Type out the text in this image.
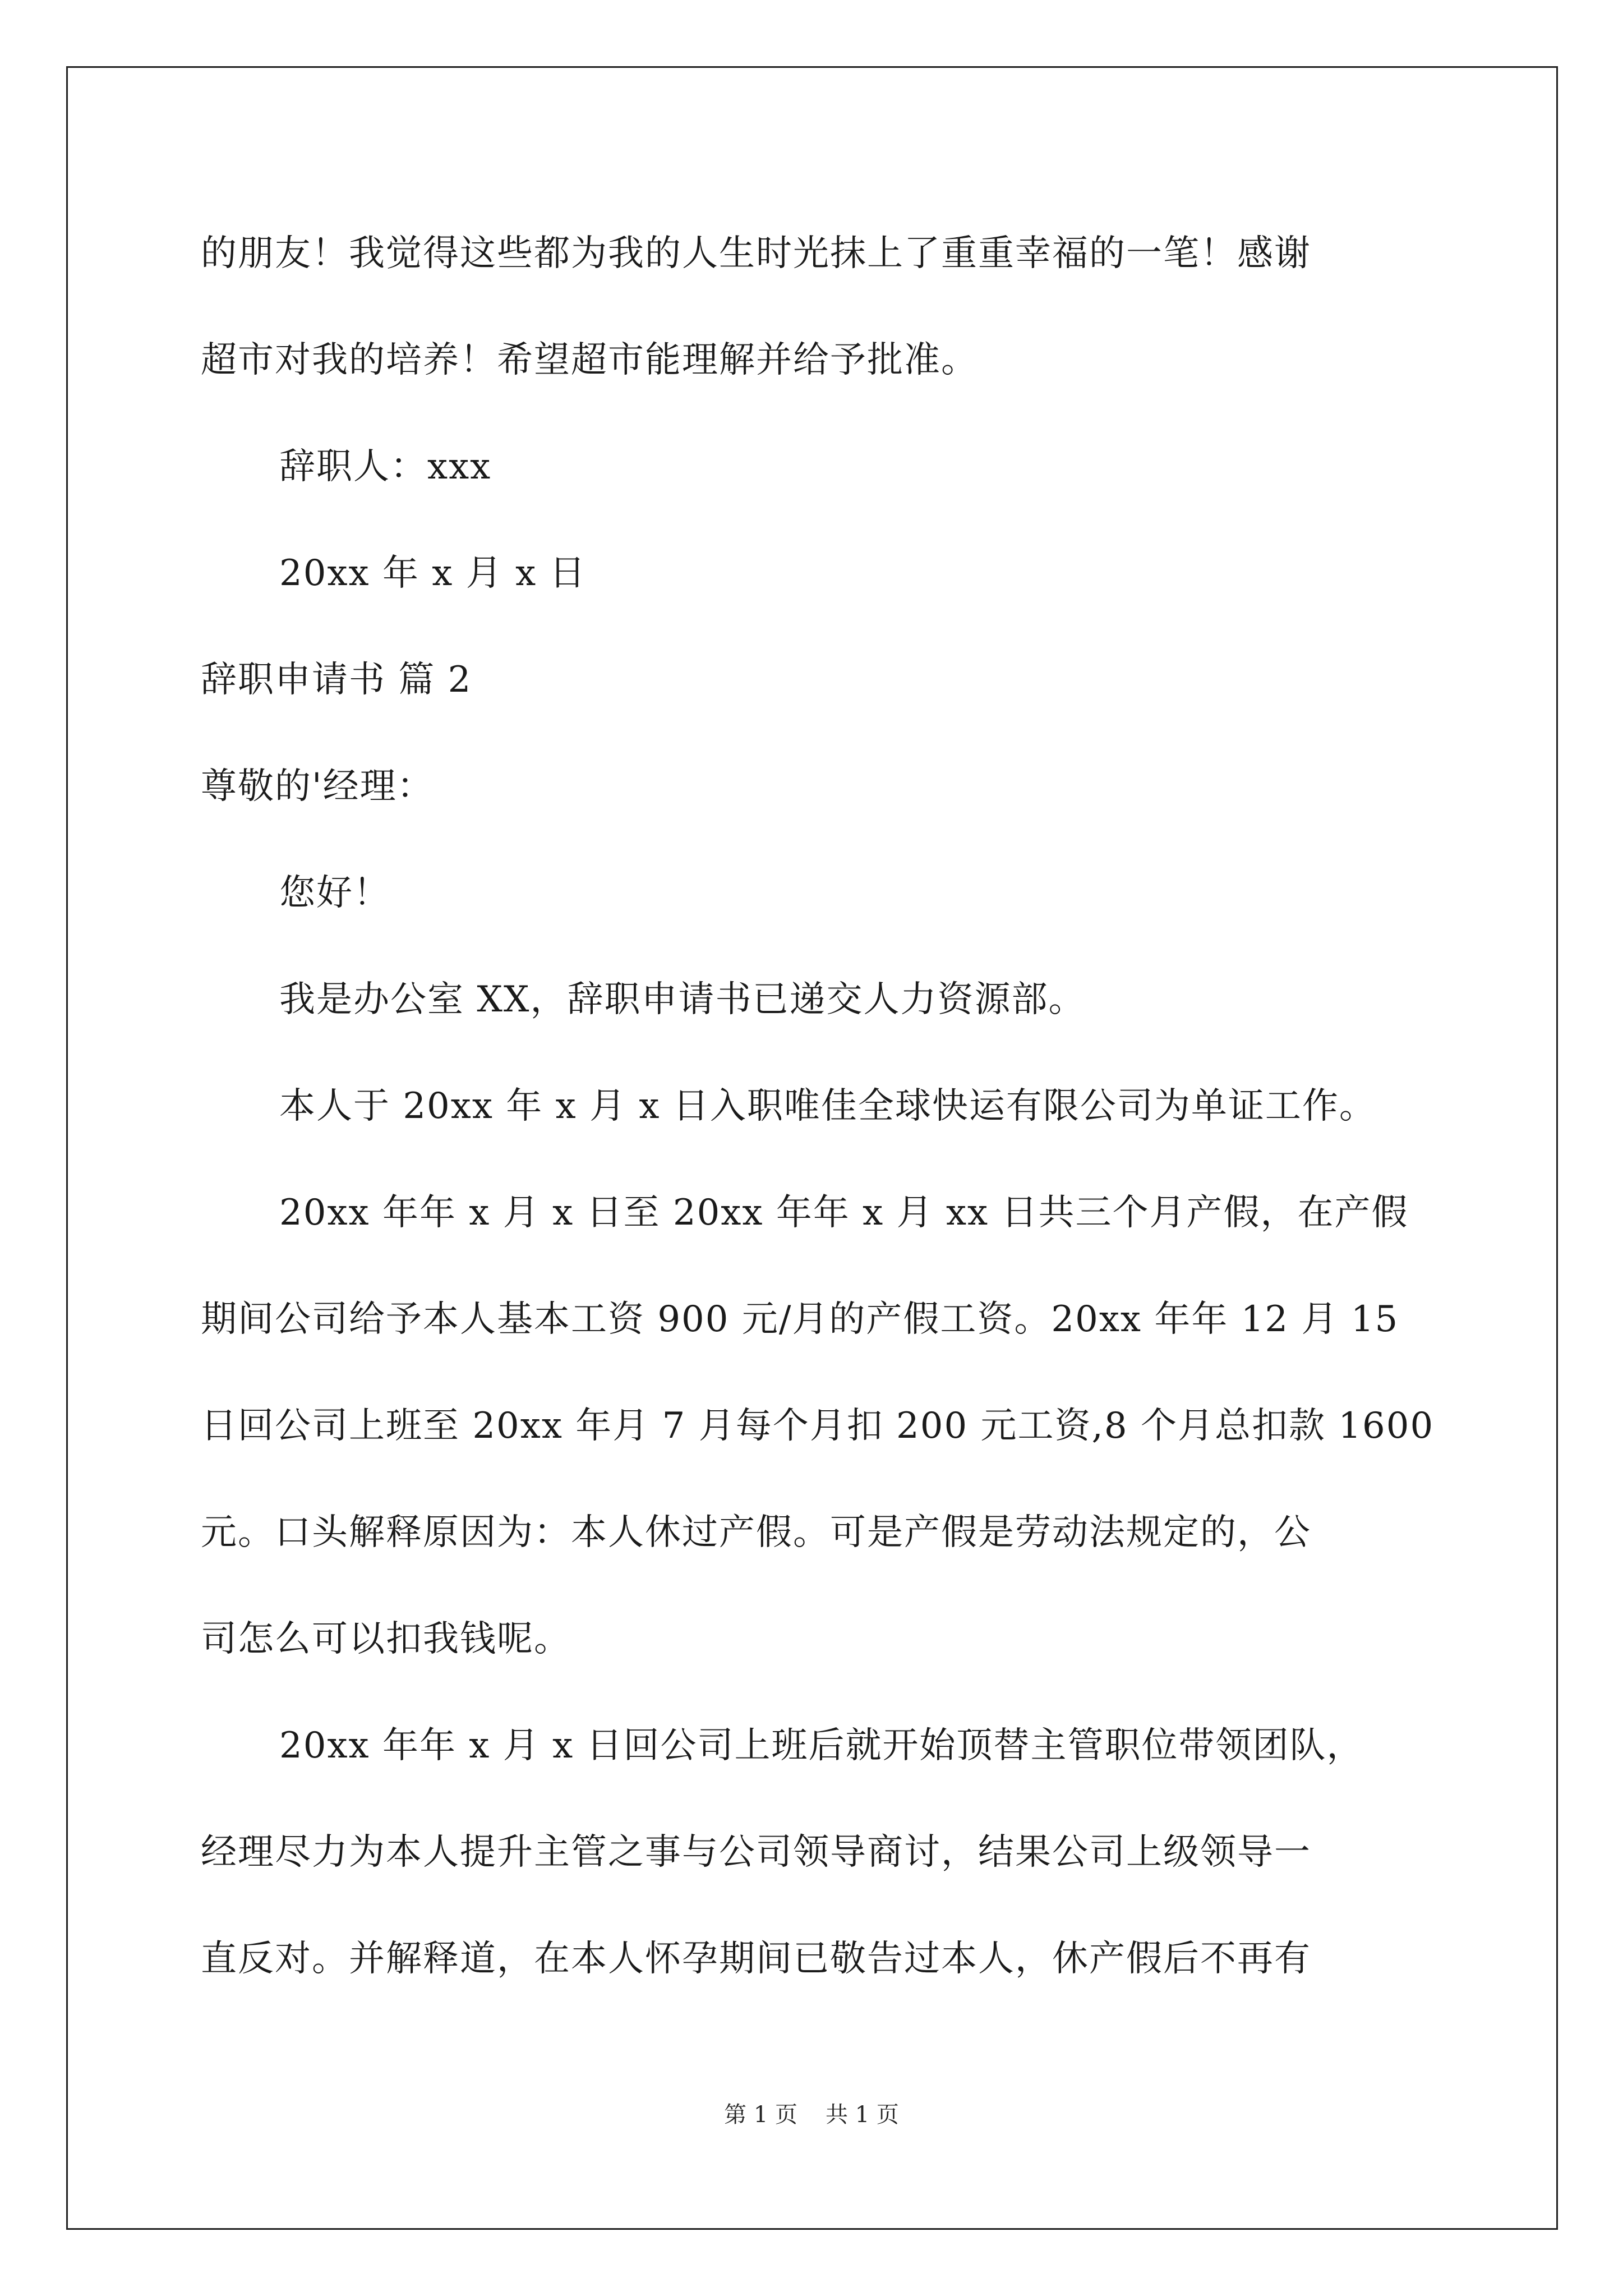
的朋友！我觉得这些都为我的人生时光抹上了重重幸福的一笔！感谢
超市对我的培养！希望超市能理解并给予批准。
辞职人：xxx
20xx 年 x 月 x 日
辞职申请书 篇 2
尊敬的'经理：
您好！
我是办公室 XX，辞职申请书已递交人力资源部。
本人于 20xx 年 x 月 x 日入职唯佳全球快运有限公司为单证工作。
20xx 年年 x 月 x 日至 20xx 年年 x 月 xx 日共三个月产假，在产假
期间公司给予本人基本工资 900 元/月的产假工资。20xx 年年 12 月 15
日回公司上班至 20xx 年月 7 月每个月扣 200 元工资,8 个月总扣款 1600
元。口头解释原因为：本人休过产假。可是产假是劳动法规定的，公
司怎么可以扣我钱呢。
20xx 年年 x 月 x 日回公司上班后就开始顶替主管职位带领团队，
经理尽力为本人提升主管之事与公司领导商讨，结果公司上级领导一
直反对。并解释道，在本人怀孕期间已敬告过本人，休产假后不再有
第 1 页 共 1 页
